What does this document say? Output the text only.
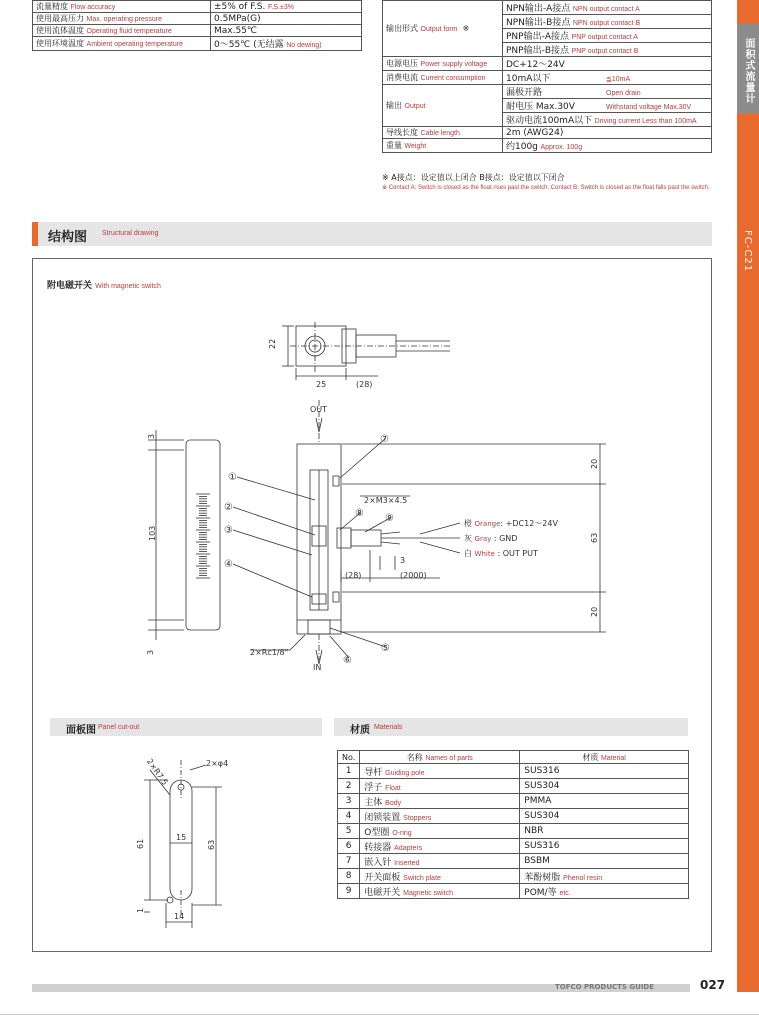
面积式流量计
FC-C21
流量精度 Flow accuracy	±5% of F.S. F.S.±3%
使用最高压力 Max. operating pressure	0.5MPa(G)
使用流体温度 Operating fluid temperature	Max.55℃
使用环境温度 Ambient operating temperature	0～55℃ (无结露 No dewing)
输出形式 Output form ※	NPN输出-A接点 NPN output contact A
	NPN输出-B接点 NPN output contact B
	PNP输出-A接点 PNP output contact A
	PNP输出-B接点 PNP output contact B
电源电压 Power supply voltage	DC+12～24V
消费电流 Current consumption	10mA以下 ≦10mA
输出 Output	漏极开路 Open drain
	耐电压 Max.30V Withstand voltage Max.30V
	驱动电流100mA以下 Driving current Less than 100mA
导线长度 Cable length	2m (AWG24)
重量 Weight	约100g Approx. 100g
※ A接点：设定值以上闭合 B接点：设定值以下闭合
※ Contact A: Switch is closed as the float rises past the switch. Contact B: Switch is closed as the float falls past the switch.
结构图 Structural drawing
附电磁开关 With magnetic switch
22
25	(28)
OUT
IN
3
103
3
20
63
20
2×M3×4.5
(28)	(2000)
3
2×Rc1/8"
①
②
③
④
⑤
⑥
⑦
⑧ ⑨	橙 Orange: +DC12～24V
灰 Gray : GND
白 White : OUT PUT
面板图 Panel cut-out
2×R7.5	2×φ4
15
61	63
1
14
材质 Materials
No.	名称 Names of parts	材质 Material
1	导杆 Guiding pole	SUS316
2	浮子 Float	SUS304
3	主体 Body	PMMA
4	闭锁装置 Stoppers	SUS304
5	O型圈 O-ring	NBR
6	转接器 Adapters	SUS316
7	嵌入针 Inserted	BSBM
8	开关面板 Switch plate	苯酚树脂 Phenol resin
9	电磁开关 Magnetic switch	POM/等 etc.
TOFCO PRODUCTS GUIDE	027
